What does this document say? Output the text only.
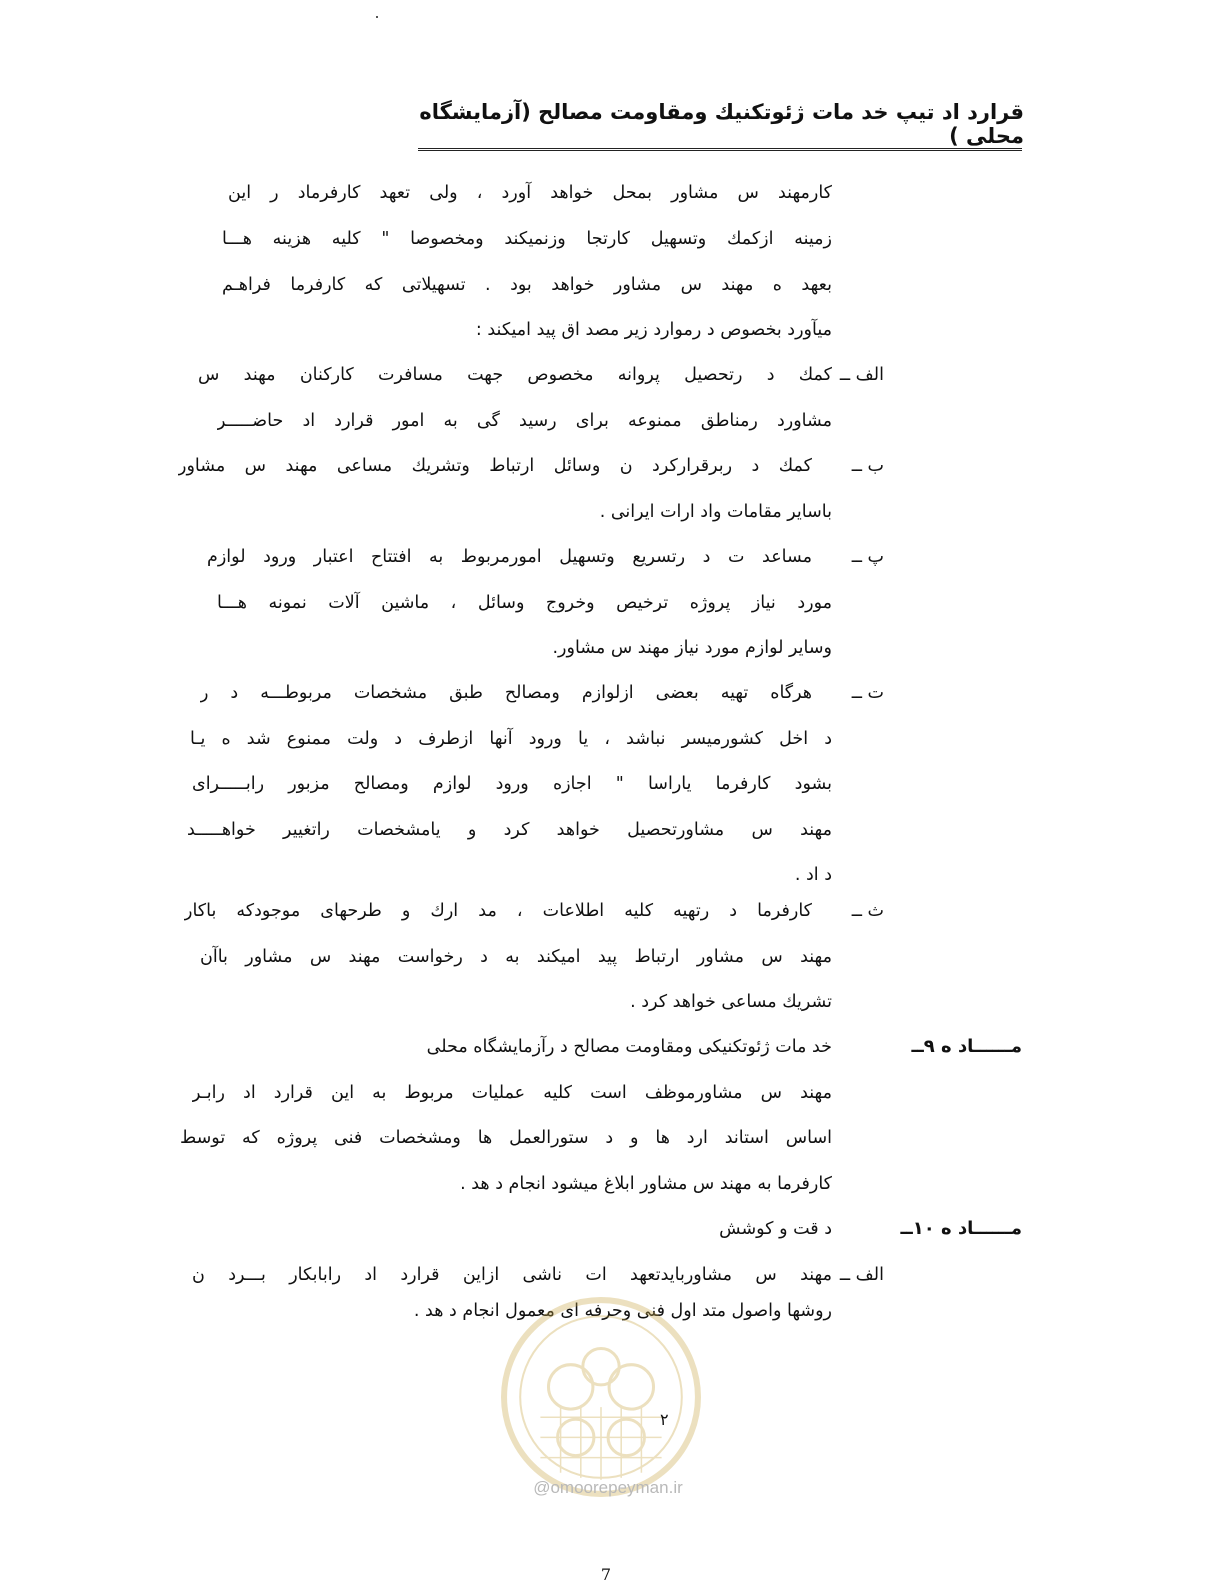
قرارد اد تیپ خد مات ژئوتکنیك ومقاومت مصالح (آزمایشگاه محلی )
کارمهند س مشاور بمحل خواهد آورد ، ولی تعهد کارفرماد ر این
زمینه ازکمك وتسهیل کارتجا وزنمیکند ومخصوصا " کلیه هزینه هـــا
بعهد ه مهند س مشاور خواهد بود . تسهیلاتی که کارفرما فراهـم
میآورد بخصوص د رموارد زیر مصد اق پید امیکند :
الف ــ
کمك د رتحصیل پروانه مخصوص جهت مسافرت کارکنان مهند س
مشاورد رمناطق ممنوعه برای رسید گی به امور قرارد اد حاضـــــر
ب ــ
کمك د ربرقرارکرد ن وسائل ارتباط وتشریك مساعی مهند س مشاور
باسایر مقامات واد ارات ایرانی .
پ ــ
مساعد ت د رتسریع وتسهیل امورمربوط به افتتاح اعتبار ورود لوازم
مورد نیاز پروژه ترخیص وخروج وسائل ، ماشین آلات نمونه هـــا
وسایر لوازم مورد نیاز مهند س مشاور.
ت ــ
هرگاه تهیه بعضی ازلوازم ومصالح طبق مشخصات مربوطـــه د ر
د اخل کشورمیسر نباشد ، یا ورود آنها ازطرف د ولت ممنوع شد ه یـا
بشود کارفرما یاراسا " اجازه ورود لوازم ومصالح مزبور رابـــــرای
مهند س مشاورتحصیل خواهد کرد و یامشخصات راتغییر خواهـــــد
د اد .
ث ــ
کارفرما د رتهیه کلیه اطلاعات ، مد ارك و طرحهای موجودکه باکار
مهند س مشاور ارتباط پید امیکند به د رخواست مهند س مشاور باآن
تشریك مساعی خواهد کرد .
مــــــاد ه ۹ــ
خد مات ژئوتکنیکی ومقاومت مصالح د رآزمایشگاه محلی
مهند س مشاورموظف است کلیه عملیات مربوط به این قرارد اد رابـر
اساس استاند ارد ها و د ستورالعمل ها ومشخصات فنی پروژه که توسط
کارفرما به مهند س مشاور ابلاغ میشود انجام د هد .
مــــــاد ه ۱۰ــ
د قت و کوشش
الف ــ
مهند س مشاوربایدتعهد ات ناشی ازاین قرارد اد رابابکار بـــرد ن
روشها واصول متد اول فنی وحرفه ای معمول انجام د هد .
۲
@omoorepeyman.ir
7
